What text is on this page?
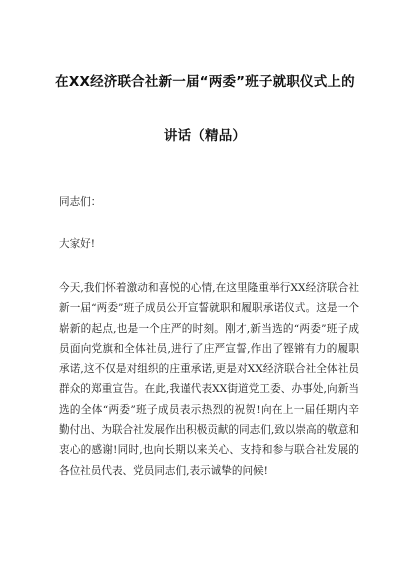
在XX经济联合社新一届“两委”班子就职仪式上的
讲话（精品）
同志们：
大家好!
今天,我们怀着激动和喜悦的心情,在这里隆重举行XX经济联合社新一届“两委”班子成员公开宣誓就职和履职承诺仪式。这是一个崭新的起点,也是一个庄严的时刻。刚才,新当选的“两委”班子成员面向党旗和全体社员,进行了庄严宣誓,作出了铿锵有力的履职承诺,这不仅是对组织的庄重承诺,更是对XX经济联合社全体社员群众的郑重宣告。在此,我谨代表XX街道党工委、办事处,向新当选的全体“两委”班子成员表示热烈的祝贺!向在上一届任期内辛勤付出、为联合社发展作出积极贡献的同志们,致以崇高的敬意和衷心的感谢!同时,也向长期以来关心、支持和参与联合社发展的各位社员代表、党员同志们,表示诚挚的问候!
